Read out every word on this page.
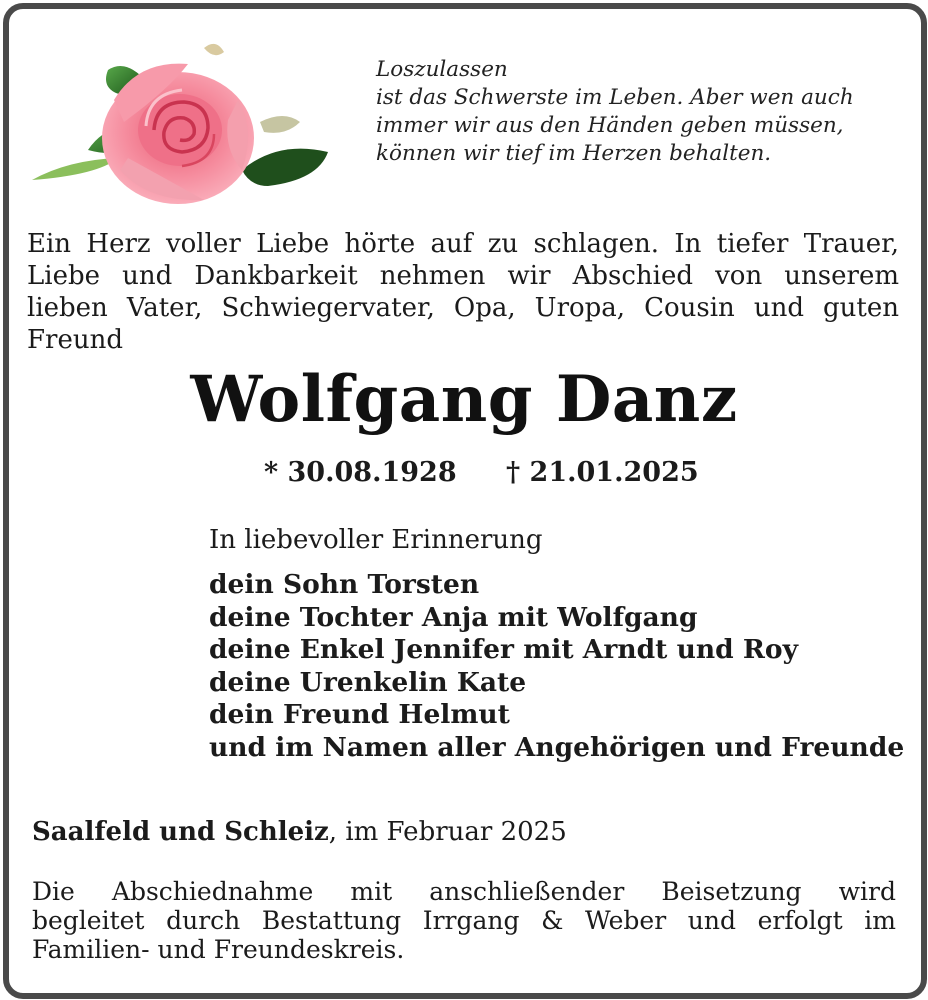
Loszulassen
ist das Schwerste im Leben. Aber wen auch
immer wir aus den Händen geben müssen,
können wir tief im Herzen behalten.
Ein Herz voller Liebe hörte auf zu schlagen. In tiefer Trauer,
Liebe und Dankbarkeit nehmen wir Abschied von unserem
lieben Vater, Schwiegervater, Opa, Uropa, Cousin und guten
Freund
Wolfgang Danz
* 30.08.1928 † 21.01.2025
In liebevoller Erinnerung
dein Sohn Torsten
deine Tochter Anja mit Wolfgang
deine Enkel Jennifer mit Arndt und Roy
deine Urenkelin Kate
dein Freund Helmut
und im Namen aller Angehörigen und Freunde
Saalfeld und Schleiz, im Februar 2025
Die Abschiednahme mit anschließender Beisetzung wird
begleitet durch Bestattung Irrgang & Weber und erfolgt im
Familien- und Freundeskreis.
